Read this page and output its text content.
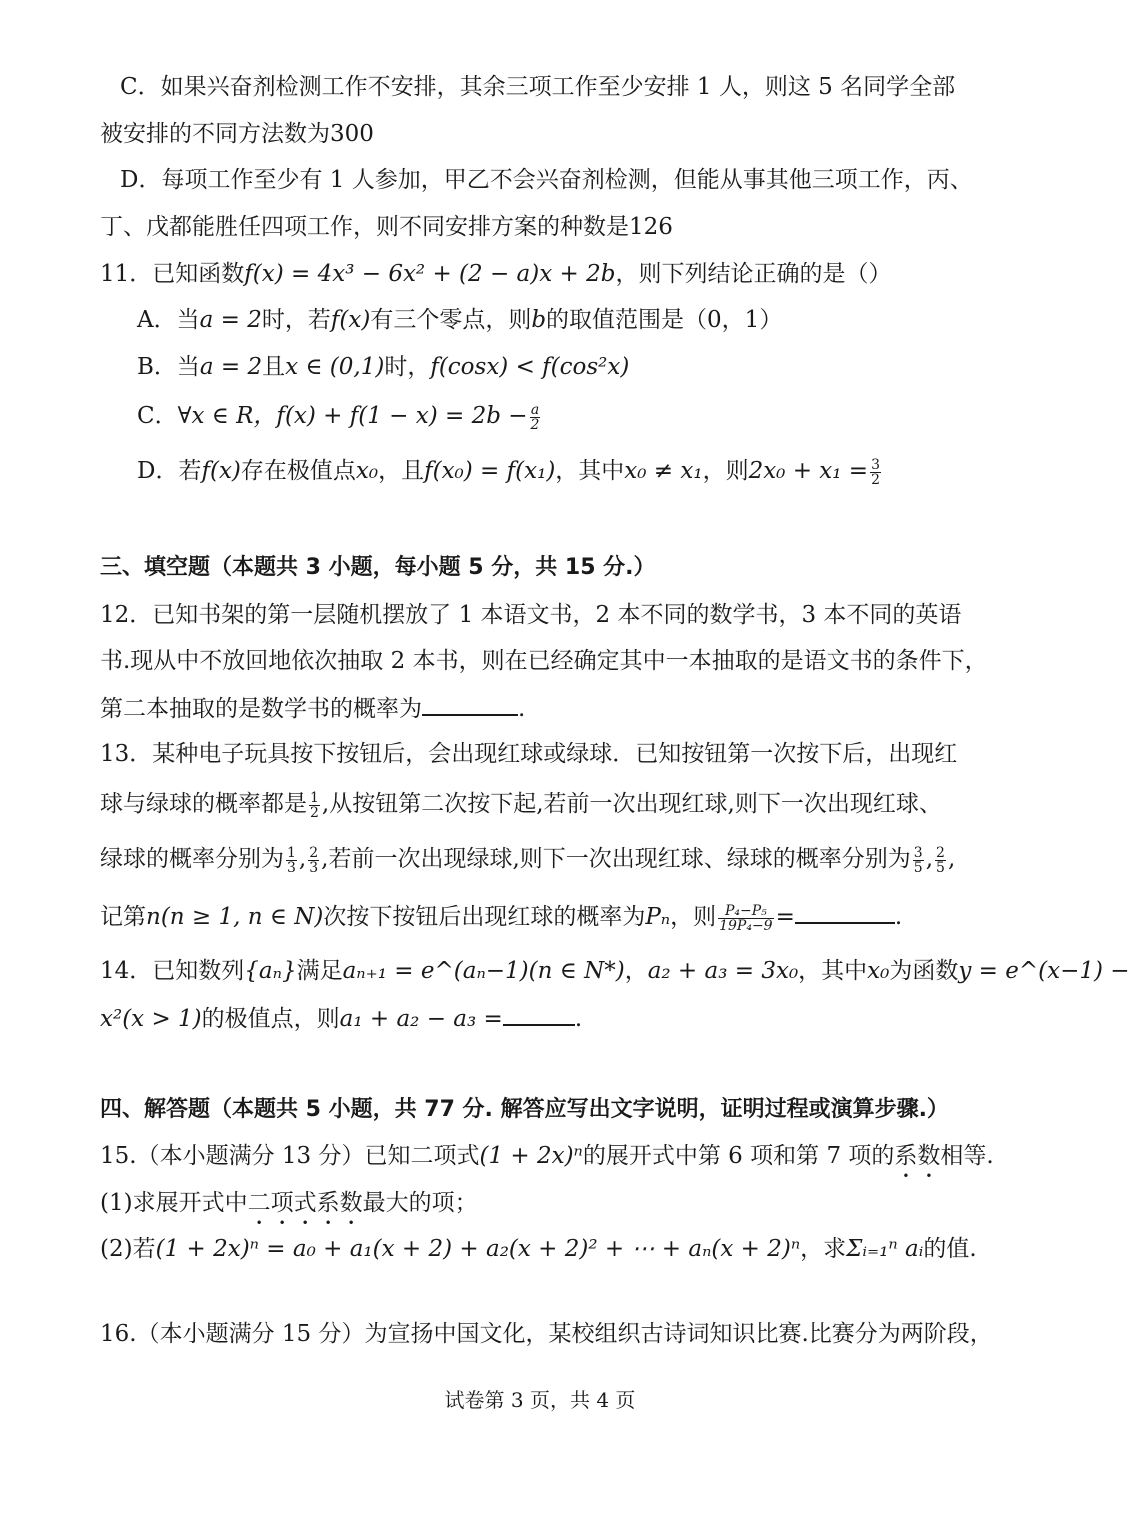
C．如果兴奋剂检测工作不安排，其余三项工作至少安排 1 人，则这 5 名同学全部
被安排的不同方法数为300
D．每项工作至少有 1 人参加，甲乙不会兴奋剂检测，但能从事其他三项工作，丙、
丁、戊都能胜任四项工作，则不同安排方案的种数是126
11．已知函数f(x) = 4x³ − 6x² + (2 − a)x + 2b，则下列结论正确的是（）
A．当a = 2时，若f(x)有三个零点，则b的取值范围是（0，1）
B．当a = 2且x ∈ (0,1)时，f(cosx) < f(cos²x)
C．∀x ∈ R，$f(x) + f(1 - x) = 2b - \frac{a}{2}$
D．若f(x)存在极值点x₀，且f(x₀) = f(x₁)，其中x₀ ≠ x₁，则$2x_0 + x_1 = \frac{3}{2}$
三、填空题（本题共 3 小题，每小题 5 分，共 15 分.）
12．已知书架的第一层随机摆放了 1 本语文书，2 本不同的数学书，3 本不同的英语
书.现从中不放回地依次抽取 2 本书，则在已经确定其中一本抽取的是语文书的条件下，
第二本抽取的是数学书的概率为	.
13．某种电子玩具按下按钮后，会出现红球或绿球．已知按钮第一次按下后，出现红
球与绿球的概率都是 $\frac{1}{2}$ ,从按钮第二次按下起,若前一次出现红球,则下一次出现红球、
绿球的概率分别为 $\frac{1}{3}$ , $\frac{2}{3}$ ,若前一次出现绿球,则下一次出现红球、绿球的概率分别为 $\frac{3}{5}$ , $\frac{2}{5}$ ,
记第n(n ≥ 1, n ∈ N)次按下按钮后出现红球的概率为Pₙ，则 $\frac{\text{P₄−P₅}}{\text{19P₄−9}}$ =	.
14．已知数列{aₙ}满足aₙ₊₁ = e^(aₙ−1)(n ∈ N*)，a₂ + a₃ = 3x₀，其中x₀为函数y = e^(x−1) −
x²(x > 1)的极值点，则a₁ + a₂ − a₃ =	.
四、解答题（本题共 5 小题，共 77 分. 解答应写出文字说明，证明过程或演算步骤.）
15.（本小题满分 13 分）已知二项式(1 + 2x)ⁿ的展开式中第 6 项和第 7 项的系数相等.
(1)求展开式中二项式系数最大的项；
(2)若(1 + 2x)ⁿ = a₀ + a₁(x + 2) + a₂(x + 2)² + ⋯ + aₙ(x + 2)ⁿ，求Σᵢ₌₁ⁿ aᵢ的值.
16.（本小题满分 15 分）为宣扬中国文化，某校组织古诗词知识比赛.比赛分为两阶段，
试卷第 3 页，共 4 页
